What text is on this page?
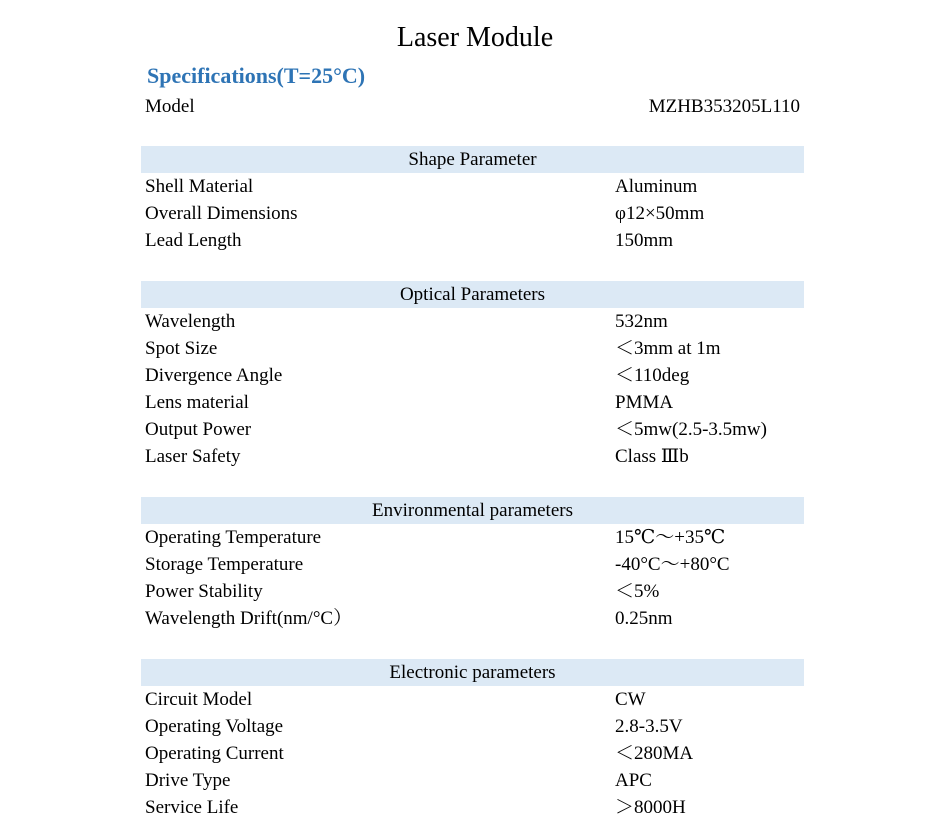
Laser Module
Specifications(T=25°C)
Model	MZHB353205L110
Shape Parameter
Shell Material	Aluminum
Overall Dimensions	φ12×50mm
Lead Length	150mm
Optical Parameters
Wavelength	532nm
Spot Size	＜3mm at 1m
Divergence Angle	＜110deg
Lens material	PMMA
Output Power	＜5mw(2.5-3.5mw)
Laser Safety	Class Ⅲb
Environmental parameters
Operating Temperature	15℃～+35℃
Storage Temperature	-40°C～+80°C
Power Stability	＜5%
Wavelength Drift(nm/°C）	0.25nm
Electronic parameters
Circuit Model	CW
Operating Voltage	2.8-3.5V
Operating Current	＜280MA
Drive Type	APC
Service Life	＞8000H
